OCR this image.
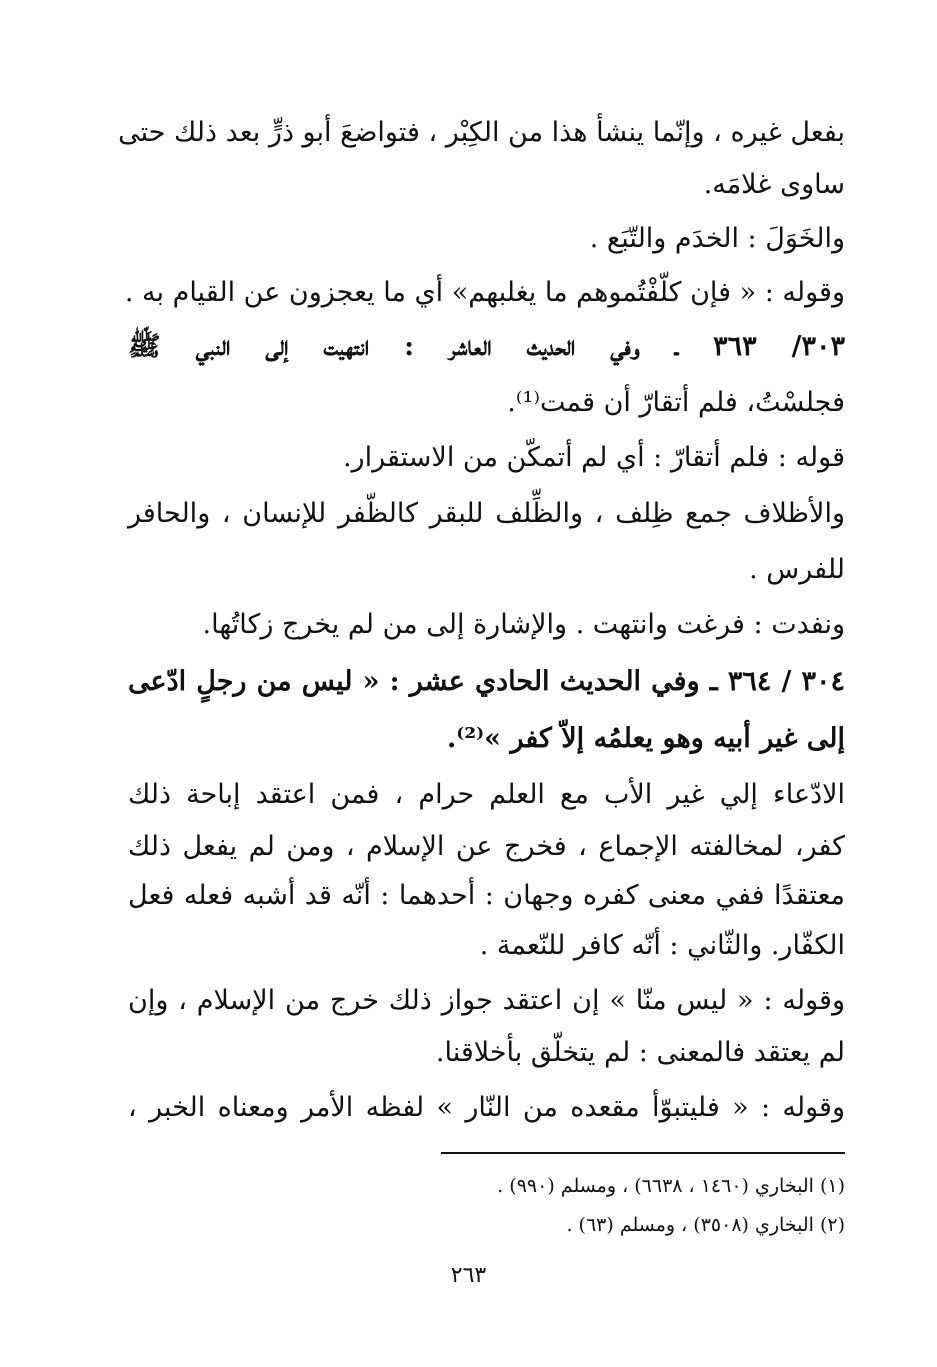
بفعل غيره ، وإنّما ينشأ هذا من الكِبْر ، فتواضعَ أبو ذرٍّ بعد ذلك حتى
ساوى غلامَه.
والخَوَلَ : الخدَم والتّبَع .
وقوله : « فإن كلّفْتُموهم ما يغلبهم» أي ما يعجزون عن القيام به .
٣٠٣/ ٣٦٣ ـ وفي الحديث العاشر : انتهيت إلى النبي ﷺ
فجلسْتُ، فلم أتقارّ أن قمت⁽¹⁾.
قوله : فلم أتقارّ : أي لم أتمكّن من الاستقرار.
والأظلاف جمع ظِلف ، والظِّلف للبقر كالظّفر للإنسان ، والحافر
للفرس .
ونفدت : فرغت وانتهت . والإشارة إلى من لم يخرج زكاتُها.
٣٠٤ / ٣٦٤ ـ وفي الحديث الحادي عشر : « ليس من رجلٍ ادّعى
إلى غير أبيه وهو يعلمُه إلاّ كفر »⁽²⁾.
الادّعاء إلي غير الأب مع العلم حرام ، فمن اعتقد إباحة ذلك
كفر، لمخالفته الإجماع ، فخرج عن الإسلام ، ومن لم يفعل ذلك
معتقدًا ففي معنى كفره وجهان : أحدهما : أنّه قد أشبه فعله فعل
الكفّار. والثّاني : أنّه كافر للنّعمة .
وقوله : « ليس منّا » إن اعتقد جواز ذلك خرج من الإسلام ، وإن
لم يعتقد فالمعنى : لم يتخلّق بأخلاقنا.
وقوله : « فليتبوّأ مقعده من النّار » لفظه الأمر ومعناه الخبر ،
(١) البخاري (١٤٦٠ ، ٦٦٣٨) ، ومسلم (٩٩٠) .
(٢) البخاري (٣٥٠٨) ، ومسلم (٦٣) .
٢٦٣
